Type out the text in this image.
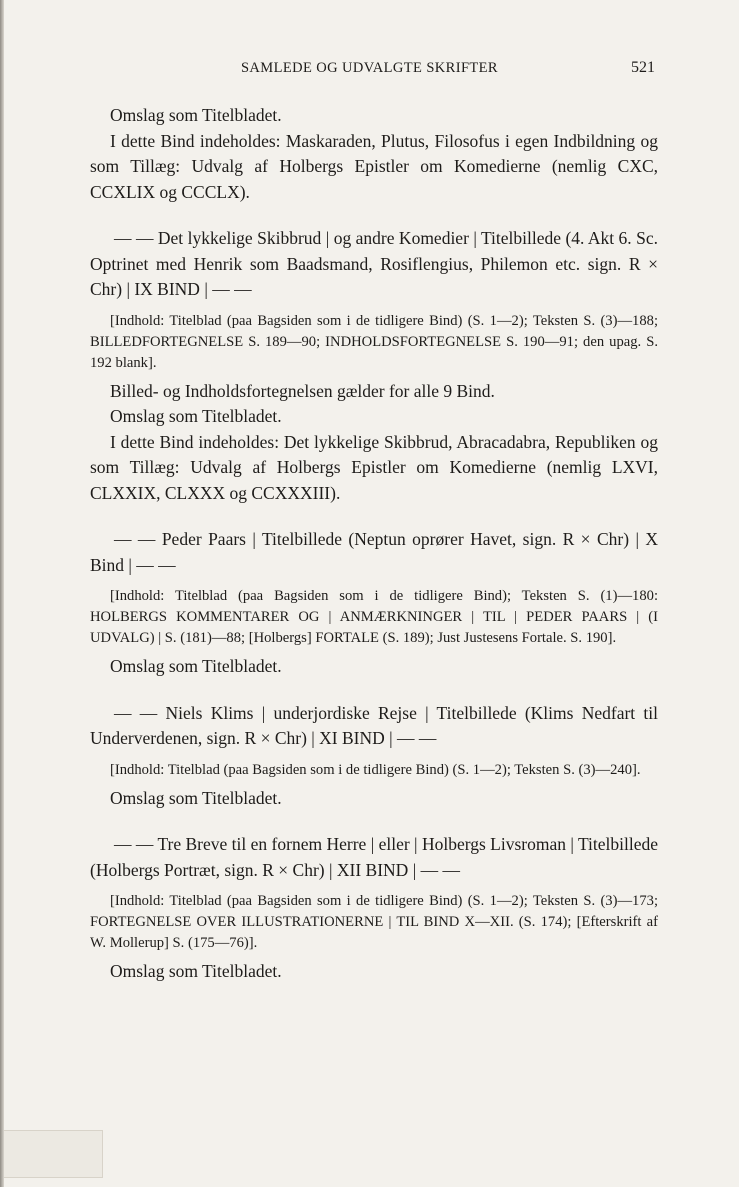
SAMLEDE OG UDVALGTE SKRIFTER	521

Omslag som Titelbladet.

I dette Bind indeholdes: Maskaraden, Plutus, Filosofus i egen Indbildning og som Tillæg: Udvalg af Holbergs Epistler om Komedierne (nemlig CXC, CCXLIX og CCCLX).

— — Det lykkelige Skibbrud | og andre Komedier | Titelbillede (4. Akt 6. Sc. Optrinet med Henrik som Baadsmand, Rosiflengius, Philemon etc. sign. R × Chr) | IX BIND | — —

[Indhold: Titelblad (paa Bagsiden som i de tidligere Bind) (S. 1—2); Teksten S. (3)—188; BILLEDFORTEGNELSE S. 189—90; INDHOLDSFORTEGNELSE S. 190—91; den upag. S. 192 blank].

Billed- og Indholdsfortegnelsen gælder for alle 9 Bind.

Omslag som Titelbladet.

I dette Bind indeholdes: Det lykkelige Skibbrud, Abracadabra, Republiken og som Tillæg: Udvalg af Holbergs Epistler om Komedierne (nemlig LXVI, CLXXIX, CLXXX og CCXXXIII).

— — Peder Paars | Titelbillede (Neptun oprører Havet, sign. R × Chr) | X Bind | — —

[Indhold: Titelblad (paa Bagsiden som i de tidligere Bind); Teksten S. (1)—180: HOLBERGS KOMMENTARER OG | ANMÆRKNINGER | TIL | PEDER PAARS | (I UDVALG) | S. (181)—88; [Holbergs] FORTALE (S. 189); Just Justesens Fortale. S. 190].

Omslag som Titelbladet.

— — Niels Klims | underjordiske Rejse | Titelbillede (Klims Nedfart til Underverdenen, sign. R × Chr) | XI BIND | — —

[Indhold: Titelblad (paa Bagsiden som i de tidligere Bind) (S. 1—2); Teksten S. (3)—240].

Omslag som Titelbladet.

— — Tre Breve til en fornem Herre | eller | Holbergs Livsroman | Titelbillede (Holbergs Portræt, sign. R × Chr) | XII BIND | — —

[Indhold: Titelblad (paa Bagsiden som i de tidligere Bind) (S. 1—2); Teksten S. (3)—173; FORTEGNELSE OVER ILLUSTRATIONERNE | TIL BIND X—XII. (S. 174); [Efterskrift af W. Mollerup] S. (175—76)].

Omslag som Titelbladet.
